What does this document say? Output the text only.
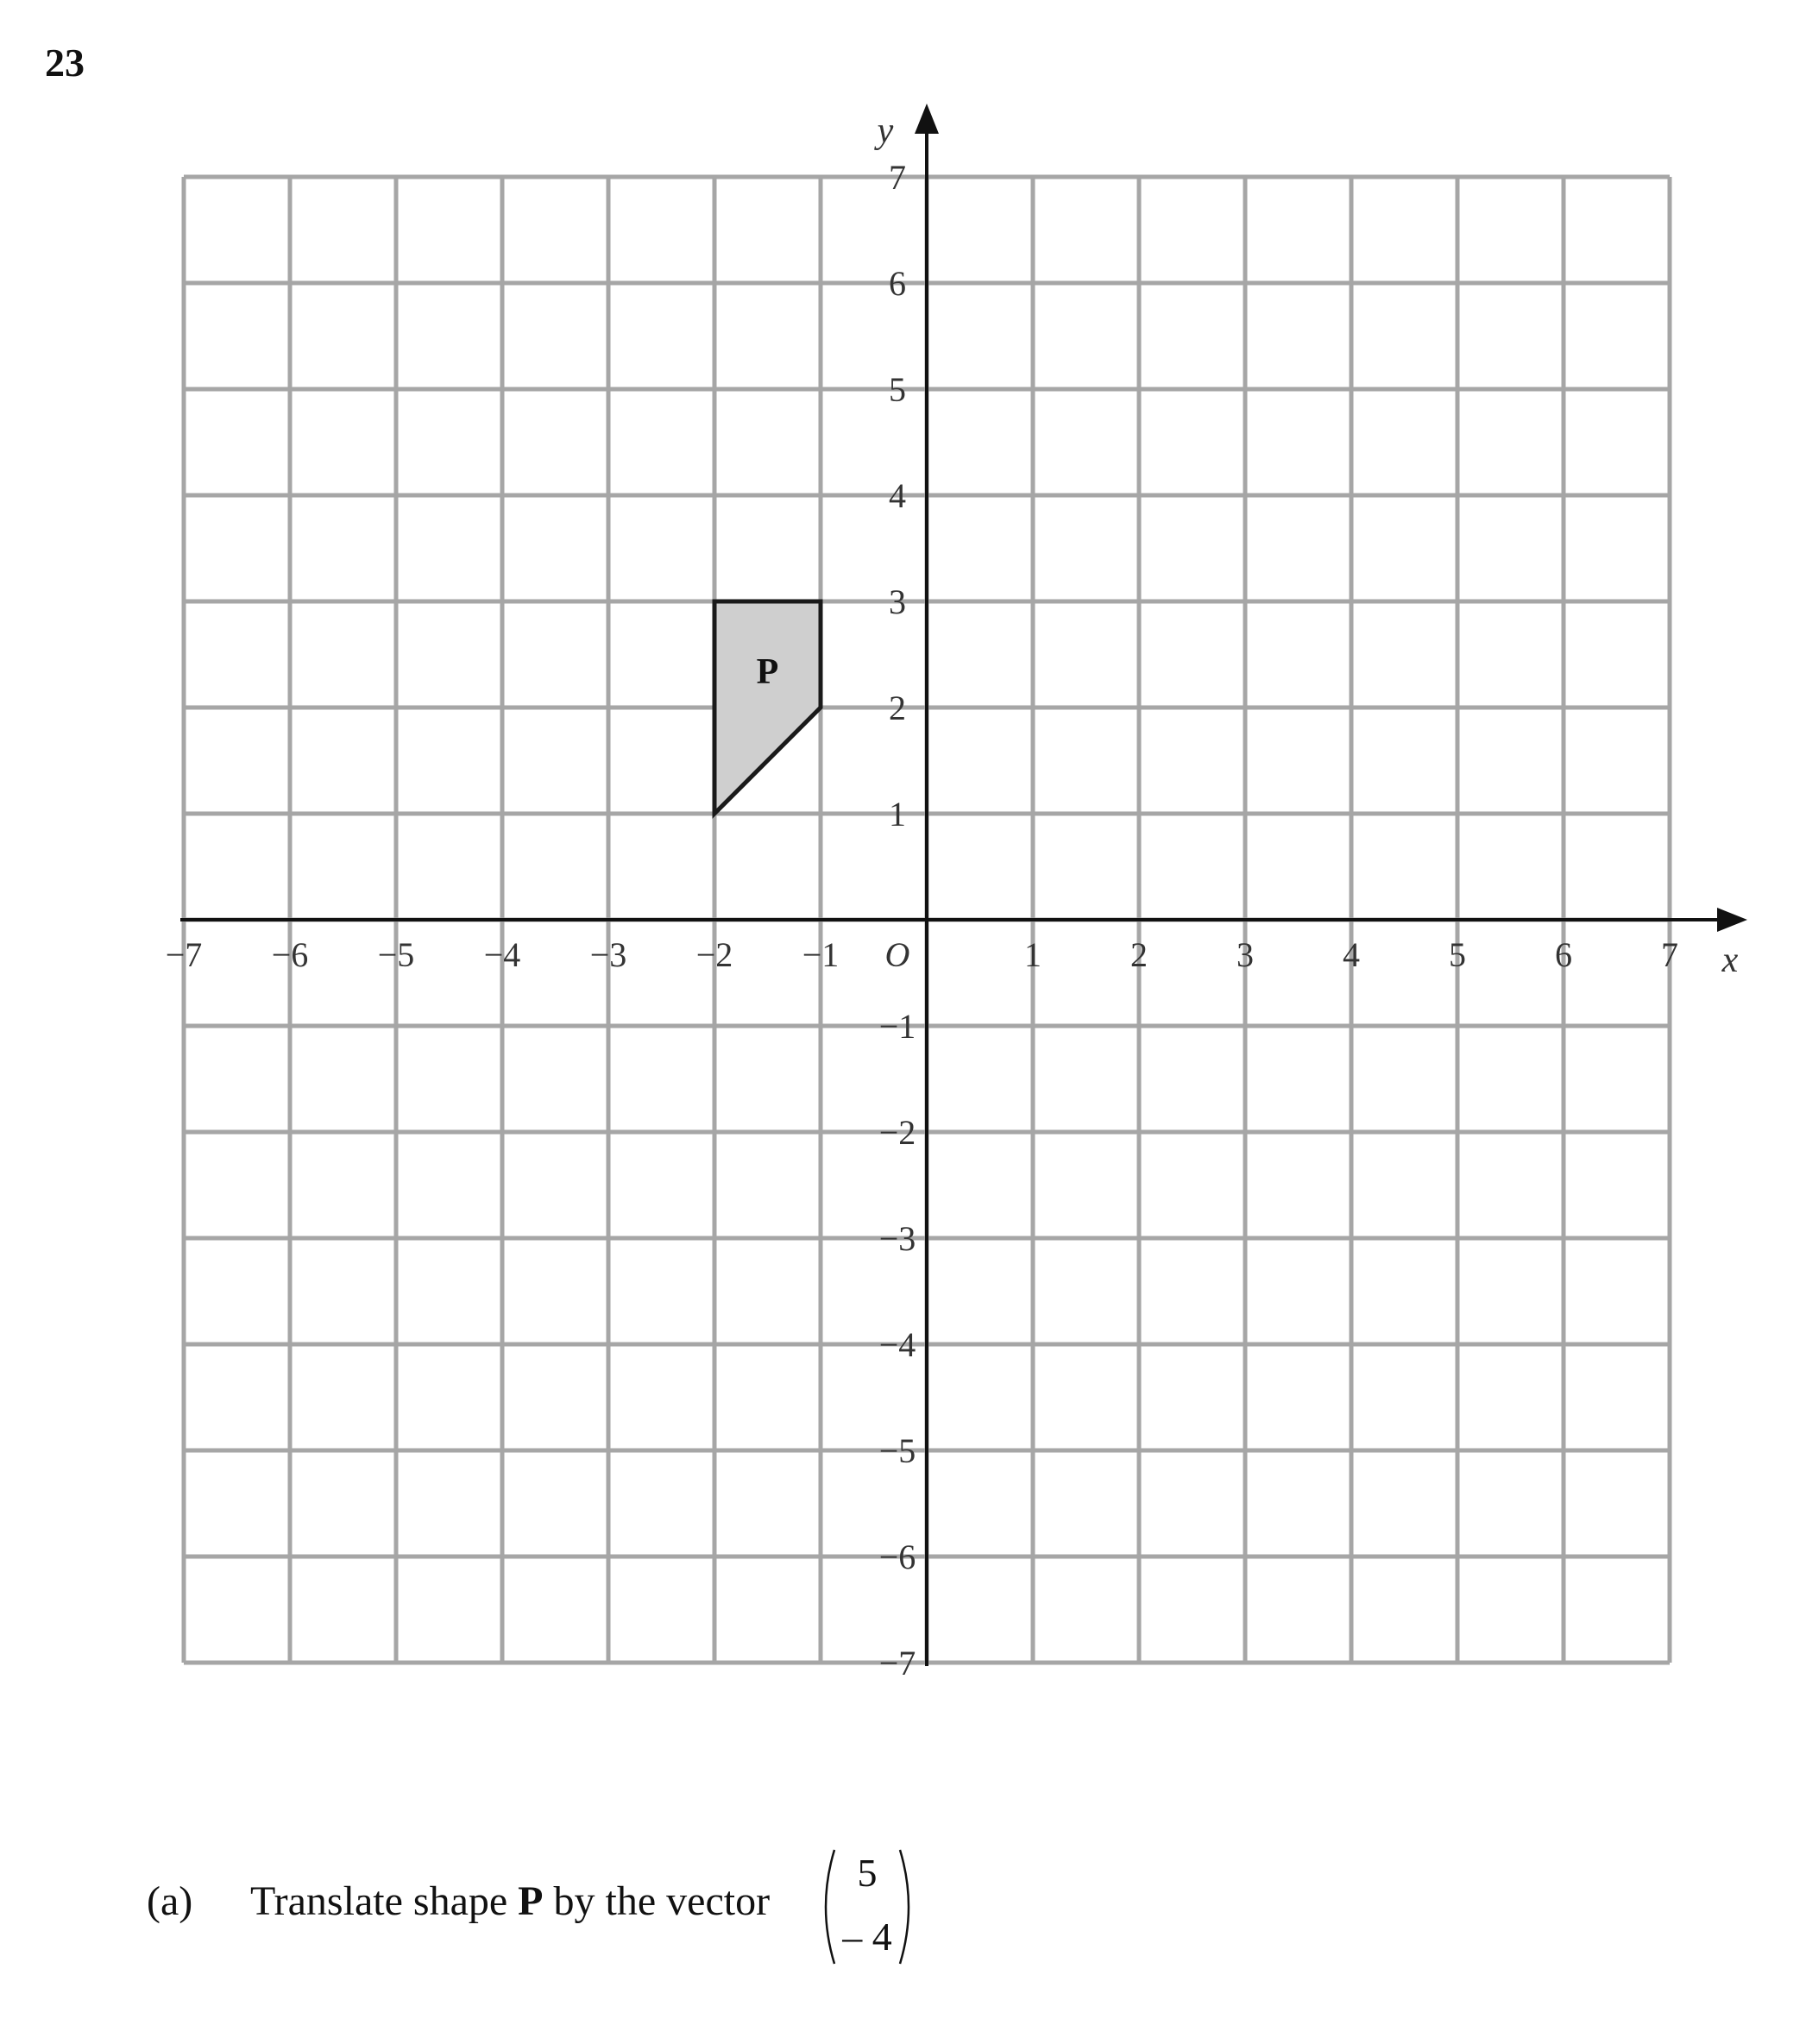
23
P
−7 −6 −5 −4 −3 −2 −1	1	2	3	4	5	6	7
7
6
5
4
3
2
1
−1
−2
−3
−4
−5
−6
−7
O	x
y
(a) Translate shape P by the vector
5
– 4
